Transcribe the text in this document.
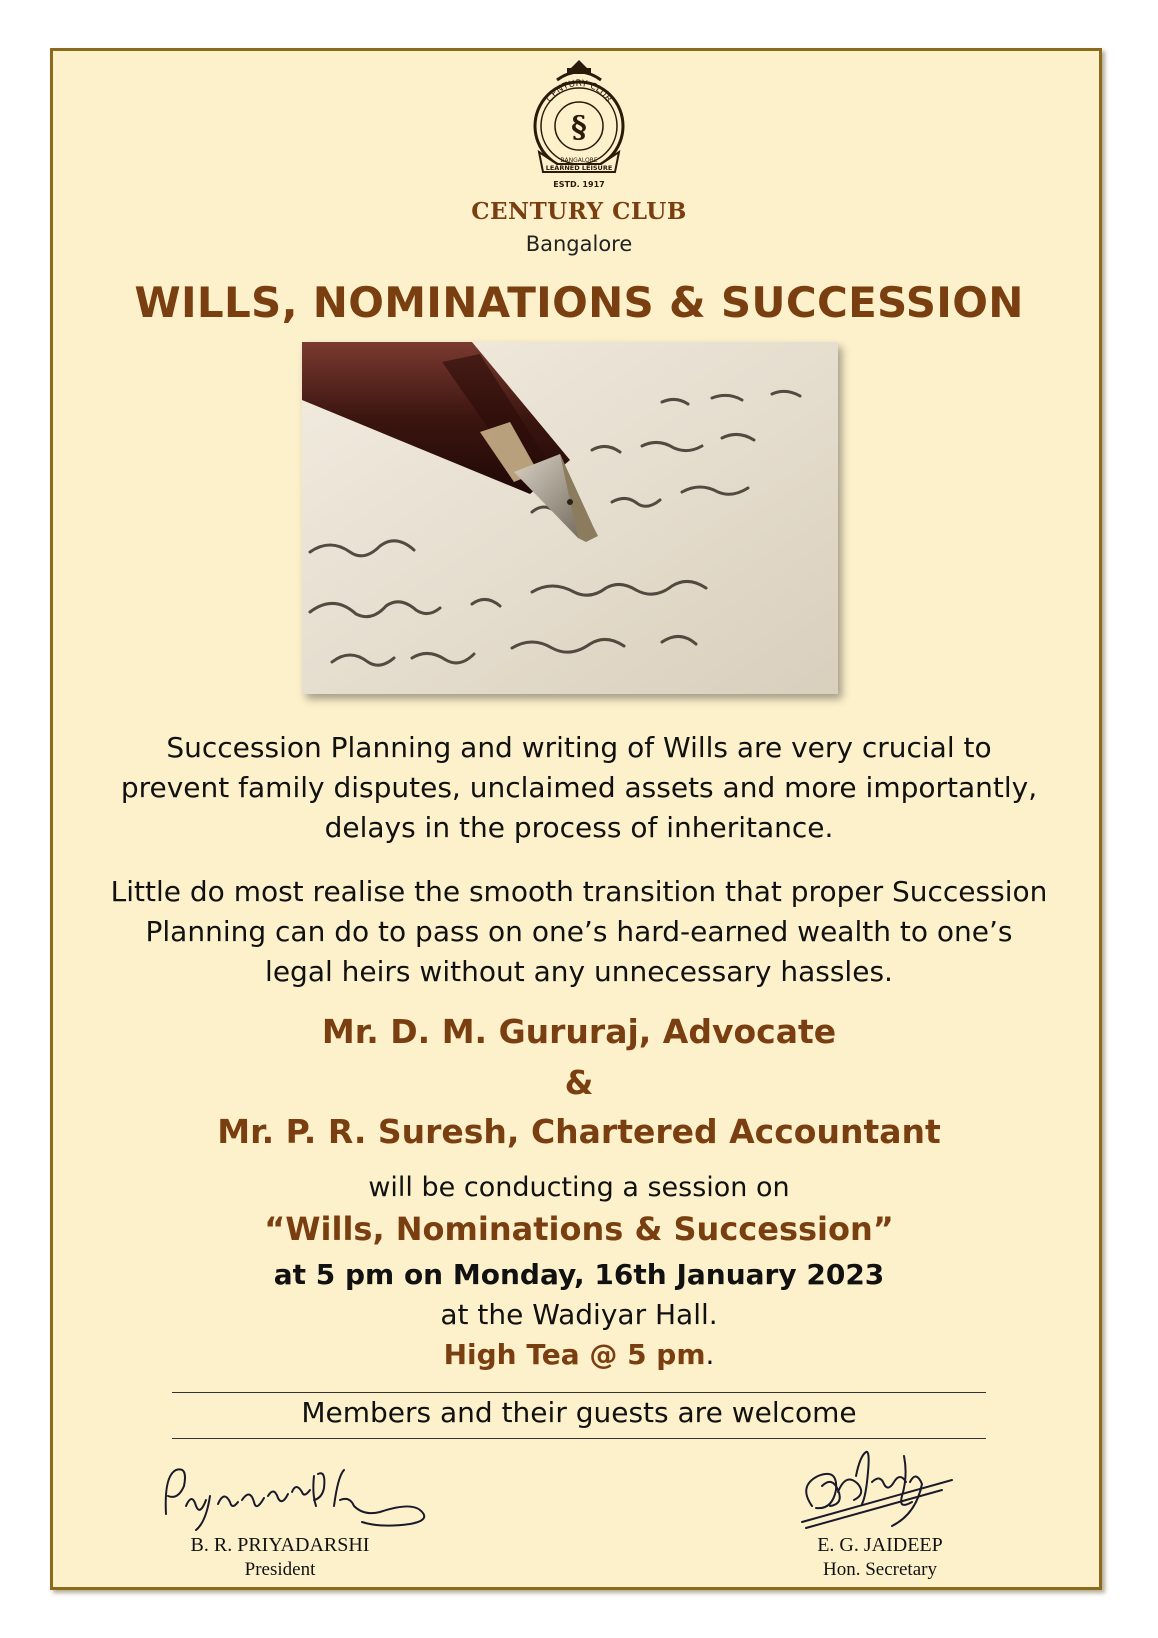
CENTURY CLUB
§
BANGALORE
LEARNED LEISURE
ESTD. 1917
CENTURY CLUB
Bangalore
WILLS, NOMINATIONS & SUCCESSION
Succession Planning and writing of Wills are very crucial to prevent family disputes, unclaimed assets and more importantly, delays in the process of inheritance.
Little do most realise the smooth transition that proper Succession Planning can do to pass on one’s hard-earned wealth to one’s legal heirs without any unnecessary hassles.
Mr. D. M. Gururaj, Advocate
&
Mr. P. R. Suresh, Chartered Accountant
will be conducting a session on
“Wills, Nominations & Succession”
at 5 pm on Monday, 16th January 2023
at the Wadiyar Hall.
High Tea @ 5 pm.
Members and their guests are welcome
B. R. PRIYADARSHI
President
E. G. JAIDEEP
Hon. Secretary
